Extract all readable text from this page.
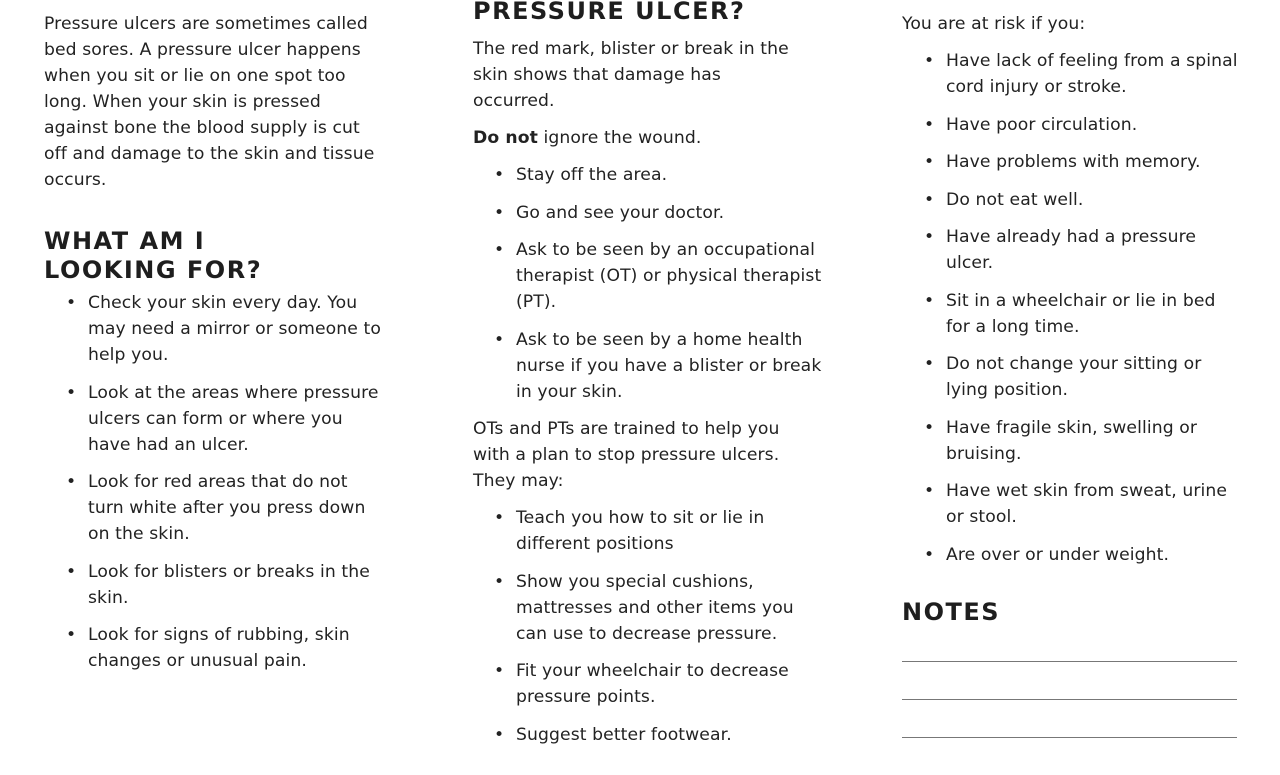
Pressure ulcers are sometimes called bed sores. A pressure ulcer happens when you sit or lie on one spot too long. When your skin is pressed against bone the blood supply is cut off and damage to the skin and tissue occurs.

WHAT AM I
LOOKING FOR?
• Check your skin every day. You may need a mirror or someone to help you.
• Look at the areas where pressure ulcers can form or where you have had an ulcer.
• Look for red areas that do not turn white after you press down on the skin.
• Look for blisters or breaks in the skin.
• Look for signs of rubbing, skin changes or unusual pain.
PRESSURE ULCER?

The red mark, blister or break in the skin shows that damage has occurred.

Do not ignore the wound.

• Stay off the area.
• Go and see your doctor.
• Ask to be seen by an occupational therapist (OT) or physical therapist (PT).
• Ask to be seen by a home health nurse if you have a blister or break in your skin.

OTs and PTs are trained to help you with a plan to stop pressure ulcers. They may:

• Teach you how to sit or lie in different positions
• Show you special cushions, mattresses and other items you can use to decrease pressure.
• Fit your wheelchair to decrease pressure points.
• Suggest better footwear.

You are at risk if you:

• Have lack of feeling from a spinal cord injury or stroke.
• Have poor circulation.
• Have problems with memory.
• Do not eat well.
• Have already had a pressure ulcer.
• Sit in a wheelchair or lie in bed for a long time.
• Do not change your sitting or lying position.
• Have fragile skin, swelling or bruising.
• Have wet skin from sweat, urine or stool.
• Are over or under weight.
NOTES
